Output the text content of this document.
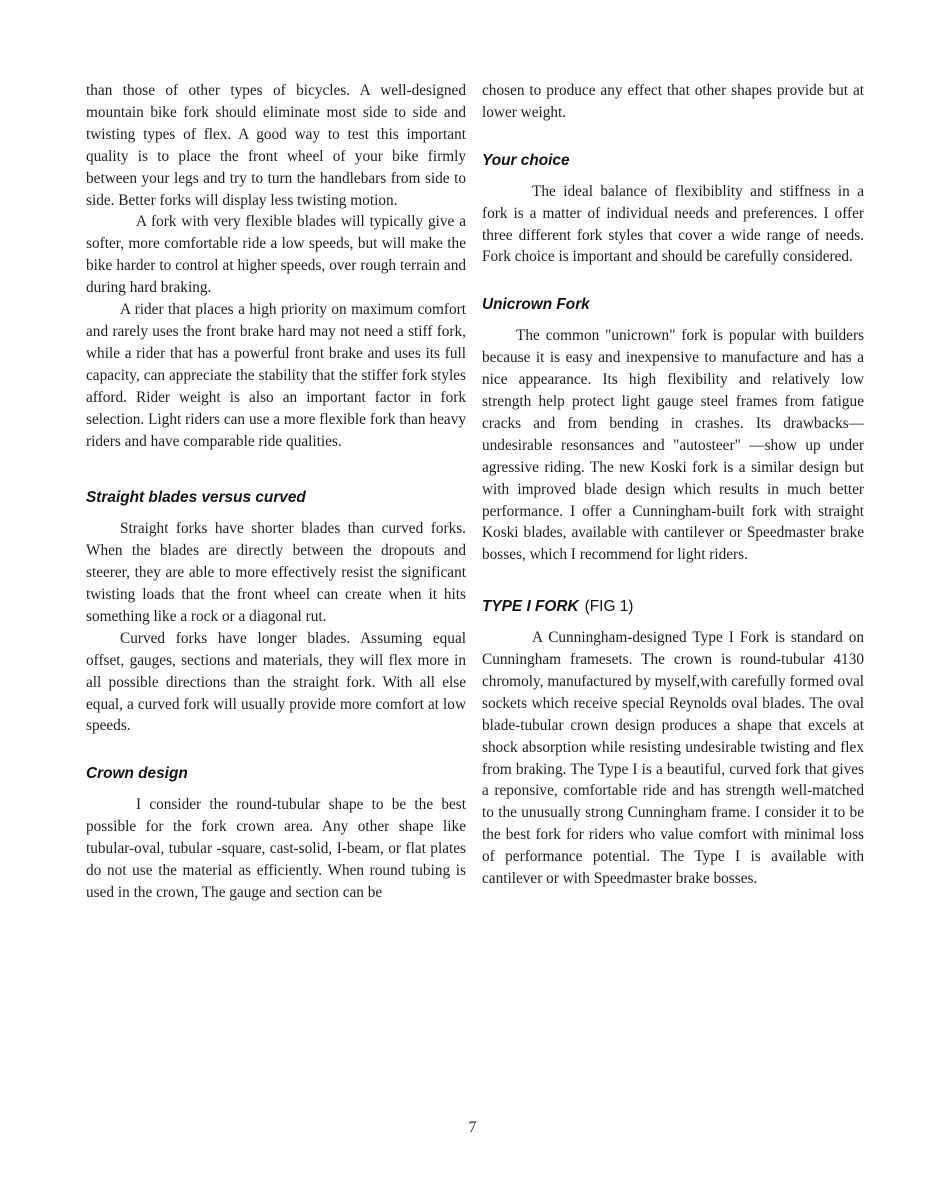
than those of other types of bicycles. A well-designed mountain bike fork should eliminate most side to side and twisting types of flex. A good way to test this important quality is to place the front wheel of your bike firmly between your legs and try to turn the handlebars from side to side. Better forks will display less twisting motion.

A fork with very flexible blades will typically give a softer, more comfortable ride a low speeds, but will make the bike harder to control at higher speeds, over rough terrain and during hard braking.

A rider that places a high priority on maximum comfort and rarely uses the front brake hard may not need a stiff fork, while a rider that has a powerful front brake and uses its full capacity, can appreciate the stability that the stiffer fork styles afford. Rider weight is also an important factor in fork selection. Light riders can use a more flexible fork than heavy riders and have comparable ride qualities.

Straight blades versus curved

Straight forks have shorter blades than curved forks. When the blades are directly between the dropouts and steerer, they are able to more effectively resist the significant twisting loads that the front wheel can create when it hits something like a rock or a diagonal rut.

Curved forks have longer blades. Assuming equal offset, gauges, sections and materials, they will flex more in all possible directions than the straight fork. With all else equal, a curved fork will usually provide more comfort at low speeds.

Crown design

I consider the round-tubular shape to be the best possible for the fork crown area. Any other shape like tubular-oval, tubular -square, cast-solid, I-beam, or flat plates do not use the material as efficiently. When round tubing is used in the crown, The gauge and section can be

chosen to produce any effect that other shapes provide but at lower weight.

Your choice

The ideal balance of flexibiblity and stiffness in a fork is a matter of individual needs and preferences. I offer three different fork styles that cover a wide range of needs. Fork choice is important and should be carefully considered.

Unicrown Fork

The common "unicrown" fork is popular with builders because it is easy and inexpensive to manufacture and has a nice appearance. Its high flexibility and relatively low strength help protect light gauge steel frames from fatigue cracks and from bending in crashes. Its drawbacks—undesirable resonsances and "autosteer" —show up under agressive riding. The new Koski fork is a similar design but with improved blade design which results in much better performance. I offer a Cunningham-built fork with straight Koski blades, available with cantilever or Speedmaster brake bosses, which I recommend for light riders.

TYPE I FORK (FIG 1)

A Cunningham-designed Type I Fork is standard on Cunningham framesets. The crown is round-tubular 4130 chromoly, manufactured by myself,with carefully formed oval sockets which receive special Reynolds oval blades. The oval blade-tubular crown design produces a shape that excels at shock absorption while resisting undesirable twisting and flex from braking. The Type I is a beautiful, curved fork that gives a reponsive, comfortable ride and has strength well-matched to the unusually strong Cunningham frame. I consider it to be the best fork for riders who value comfort with minimal loss of performance potential. The Type I is available with cantilever or with Speedmaster brake bosses.

7
